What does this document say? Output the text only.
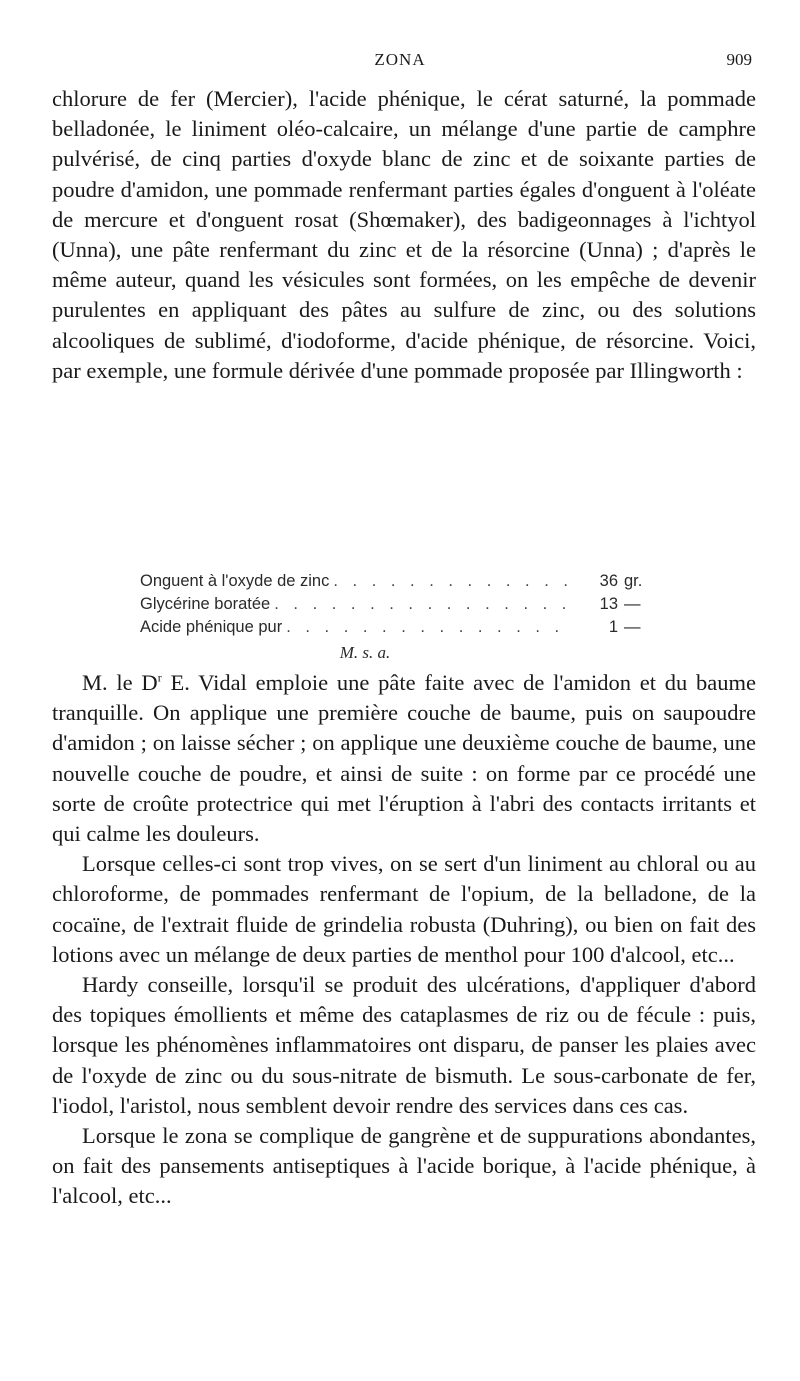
ZONA	909

chlorure de fer (Mercier), l'acide phénique, le cérat saturné, la pommade belladonée, le liniment oléo-calcaire, un mélange d'une partie de camphre pulvérisé, de cinq parties d'oxyde blanc de zinc et de soixante parties de poudre d'amidon, une pommade renfermant parties égales d'onguent à l'oléate de mercure et d'onguent rosat (Shœmaker), des badigeonnages à l'ichtyol (Unna), une pâte renfermant du zinc et de la résorcine (Unna) ; d'après le même auteur, quand les vésicules sont formées, on les empêche de devenir purulentes en appliquant des pâtes au sulfure de zinc, ou des solutions alcooliques de sublimé, d'iodoforme, d'acide phénique, de résorcine. Voici, par exemple, une formule dérivée d'une pommade proposée par Illingworth :

Onguent à l'oxyde de zinc . . .	36 gr.
Glycérine boratée . . .	13 —
Acide phénique pur . . .	1 —
M. s. a.

M. le $D^r$ E. Vidal emploie une pâte faite avec de l'amidon et du baume tranquille. On applique une première couche de baume, puis on saupoudre d'amidon ; on laisse sécher ; on applique une deuxième couche de baume, une nouvelle couche de poudre, et ainsi de suite : on forme par ce procédé une sorte de croûte protectrice qui met l'éruption à l'abri des contacts irritants et qui calme les douleurs.

Lorsque celles-ci sont trop vives, on se sert d'un liniment au chloral ou au chloroforme, de pommades renfermant de l'opium, de la belladone, de la cocaïne, de l'extrait fluide de grindelia robusta (Duhring), ou bien on fait des lotions avec un mélange de deux parties de menthol pour 100 d'alcool, etc...

Hardy conseille, lorsqu'il se produit des ulcérations, d'appliquer d'abord des topiques émollients et même des cataplasmes de riz ou de fécule : puis, lorsque les phénomènes inflammatoires ont disparu, de panser les plaies avec de l'oxyde de zinc ou du sous-nitrate de bismuth. Le sous-carbonate de fer, l'iodol, l'aristol, nous semblent devoir rendre des services dans ces cas.

Lorsque le zona se complique de gangrène et de suppurations abondantes, on fait des pansements antiseptiques à l'acide borique, à l'acide phénique, à l'alcool, etc...
